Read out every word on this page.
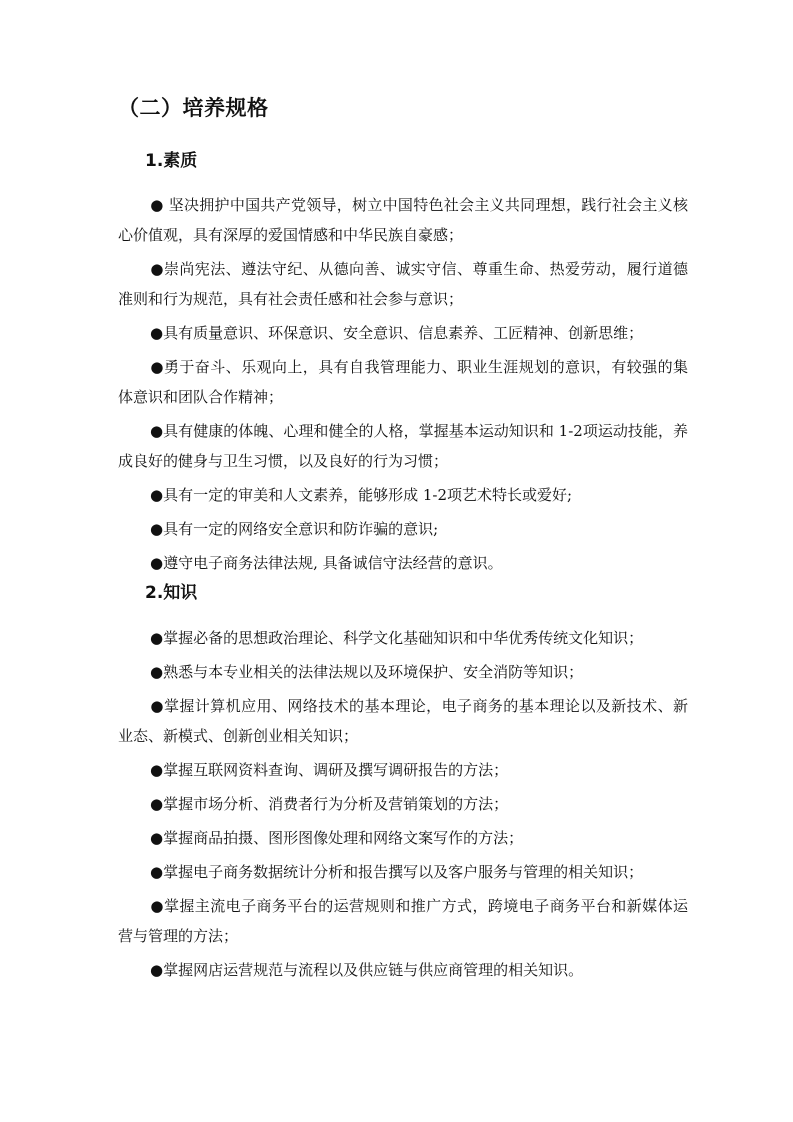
（二）培养规格
1.素质
● 坚决拥护中国共产党领导，树立中国特色社会主义共同理想，践行社会主义核心价值观，具有深厚的爱国情感和中华民族自豪感；
●崇尚宪法、遵法守纪、从德向善、诚实守信、尊重生命、热爱劳动，履行道德准则和行为规范，具有社会责任感和社会参与意识；
●具有质量意识、环保意识、安全意识、信息素养、工匠精神、创新思维；
●勇于奋斗、乐观向上，具有自我管理能力、职业生涯规划的意识，有较强的集体意识和团队合作精神；
●具有健康的体魄、心理和健全的人格，掌握基本运动知识和 1-2项运动技能，养成良好的健身与卫生习惯，以及良好的行为习惯；
●具有一定的审美和人文素养，能够形成 1-2项艺术特长或爱好;
●具有一定的网络安全意识和防诈骗的意识;
●遵守电子商务法律法规, 具备诚信守法经营的意识。
2.知识
●掌握必备的思想政治理论、科学文化基础知识和中华优秀传统文化知识；
●熟悉与本专业相关的法律法规以及环境保护、安全消防等知识；
●掌握计算机应用、网络技术的基本理论，电子商务的基本理论以及新技术、新业态、新模式、创新创业相关知识；
●掌握互联网资料查询、调研及撰写调研报告的方法；
●掌握市场分析、消费者行为分析及营销策划的方法；
●掌握商品拍摄、图形图像处理和网络文案写作的方法；
●掌握电子商务数据统计分析和报告撰写以及客户服务与管理的相关知识；
●掌握主流电子商务平台的运营规则和推广方式，跨境电子商务平台和新媒体运营与管理的方法；
●掌握网店运营规范与流程以及供应链与供应商管理的相关知识。
